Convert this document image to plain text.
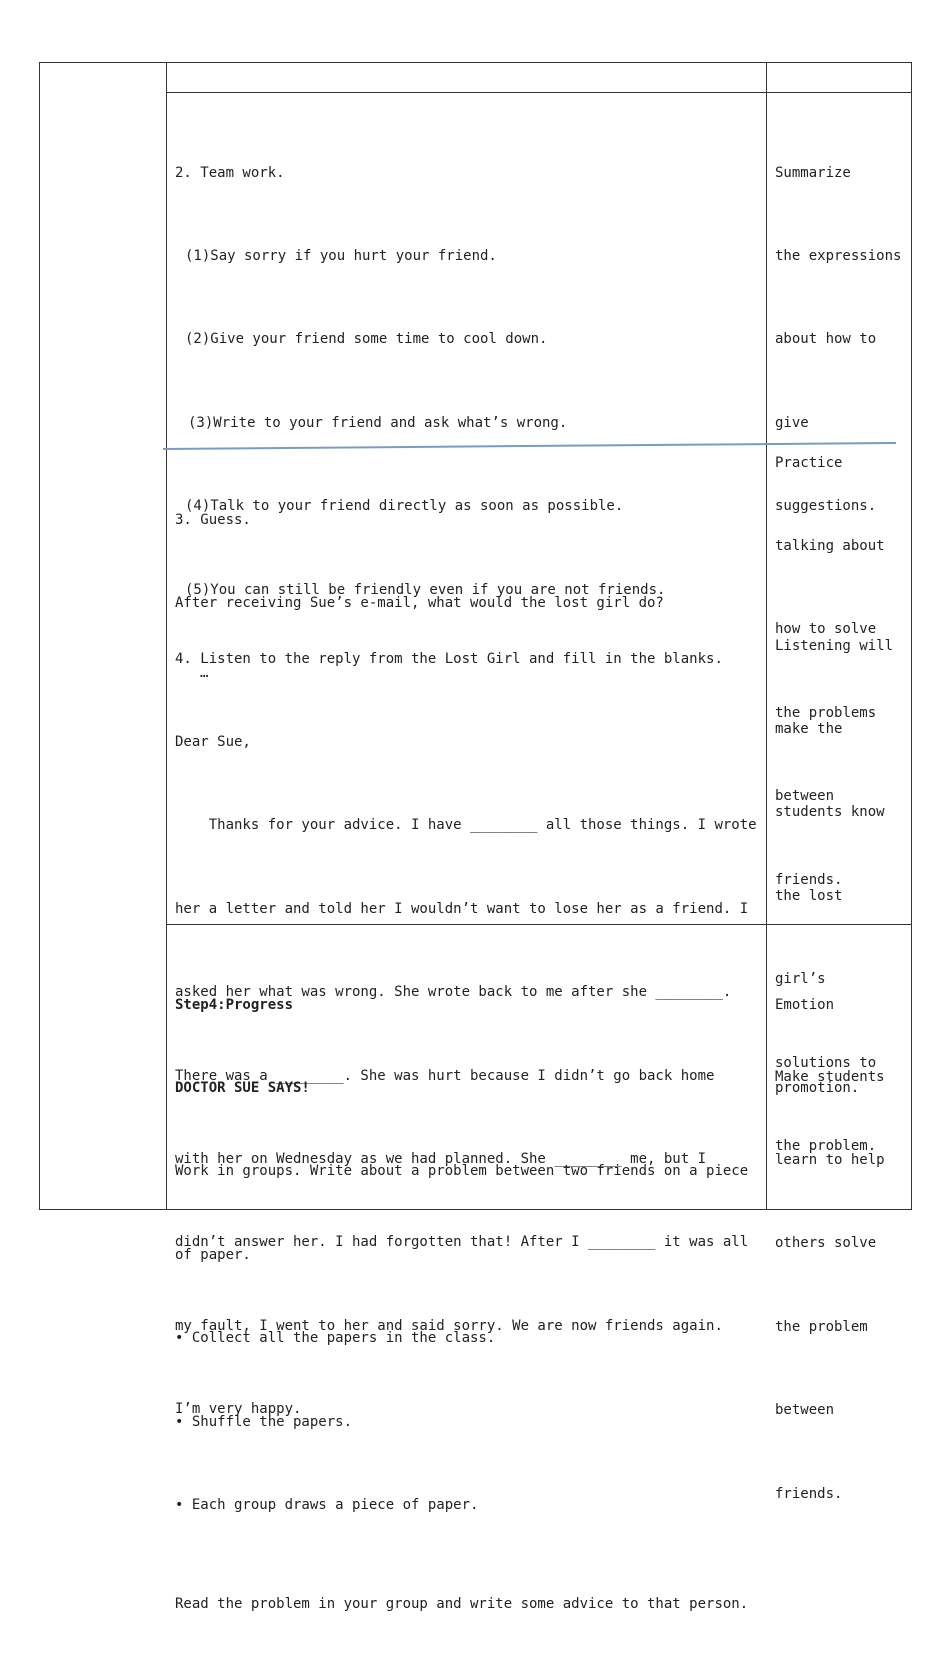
2. Team work.

(1)Say sorry if you hurt your friend.

(2)Give your friend some time to cool down.

(3)Write to your friend and ask what’s wrong.

(4)Talk to your friend directly as soon as possible.

(5)You can still be friendly even if you are not friends.

…

3. Guess.

After receiving Sue’s e-mail, what would the lost girl do?

4. Listen to the reply from the Lost Girl and fill in the blanks.

Dear Sue,

Thanks for your advice. I have ________ all those things. I wrote

her a letter and told her I wouldn’t want to lose her as a friend. I

asked her what was wrong. She wrote back to me after she ________.

There was a ________. She was hurt because I didn’t go back home

with her on Wednesday as we had planned. She ________ me, but I

didn’t answer her. I had forgotten that! After I ________ it was all

my fault, I went to her and said sorry. We are now friends again.

I’m very happy.

Step4:Progress

DOCTOR SUE SAYS!

Work in groups. Write about a problem between two friends on a piece

of paper.

• Collect all the papers in the class.

• Shuffle the papers.

• Each group draws a piece of paper.

Read the problem in your group and write some advice to that person.

Summarize

the expressions

about how to

give

suggestions.

Practice

talking about

how to solve

the problems

between

friends.

Listening will

make the

students know

the lost

girl’s

solutions to

the problem.

Emotion

promotion.

Make students

learn to help

others solve

the problem

between

friends.
